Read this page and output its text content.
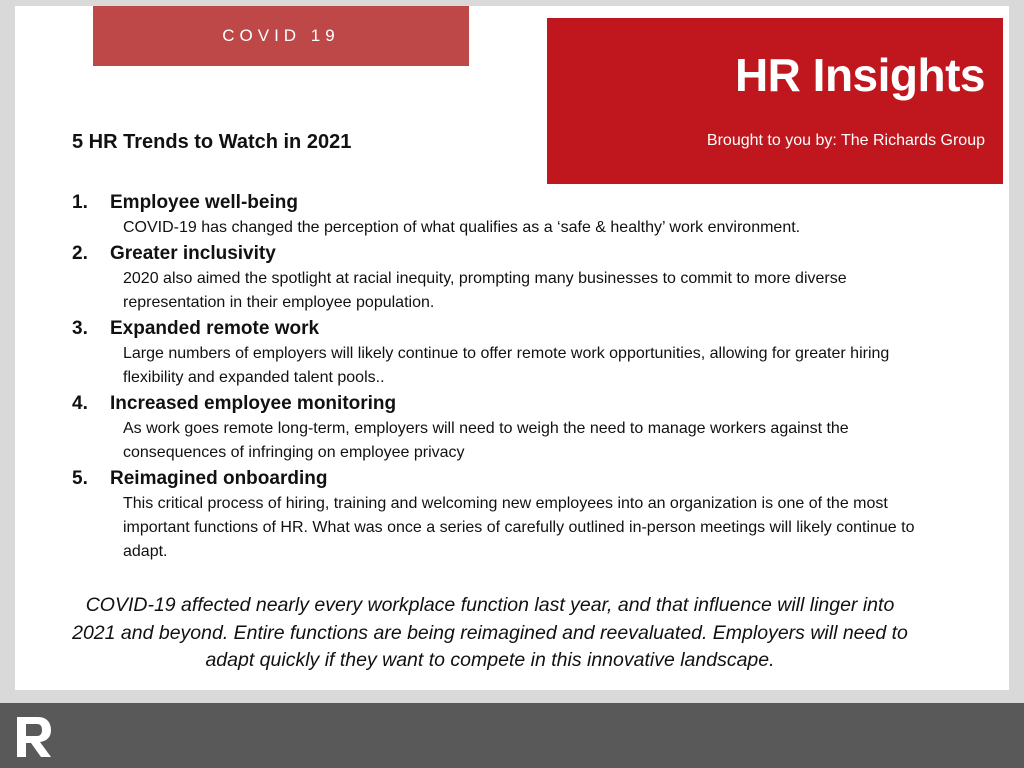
COVID 19
HR Insights
Brought to you by: The Richards Group
5 HR Trends to Watch in 2021
1. Employee well-being
COVID-19 has changed the perception of what qualifies as a ‘safe & healthy’ work environment.
2. Greater inclusivity
2020 also aimed the spotlight at racial inequity, prompting many businesses to commit to more diverse representation in their employee population.
3. Expanded remote work
Large numbers of employers will likely continue to offer remote work opportunities, allowing for greater hiring flexibility and expanded talent pools..
4. Increased employee monitoring
As work goes remote long-term, employers will need to weigh the need to manage workers against the consequences of infringing on employee privacy
5. Reimagined onboarding
This critical process of hiring, training and welcoming new employees into an organization is one of the most important functions of HR. What was once a series of carefully outlined in-person meetings will likely continue to adapt.
COVID-19 affected nearly every workplace function last year, and that influence will linger into 2021 and beyond. Entire functions are being reimagined and reevaluated. Employers will need to adapt quickly if they want to compete in this innovative landscape.
